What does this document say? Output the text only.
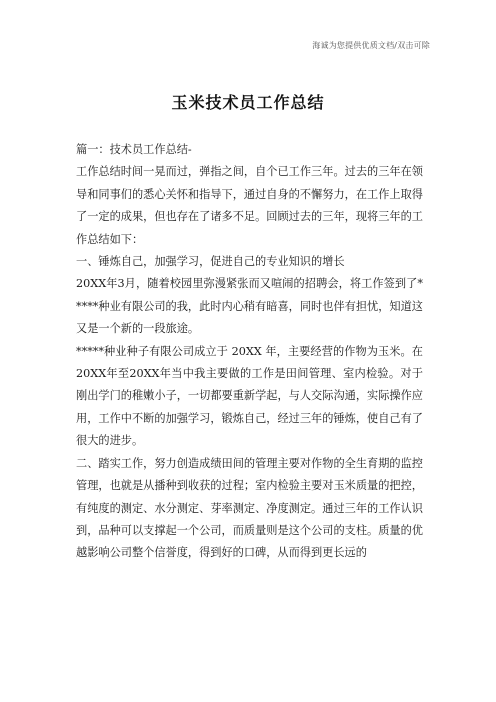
海诚为您提供优质文档/双击可除
玉米技术员工作总结

篇一：技术员工作总结-

工作总结时间一晃而过，弹指之间，自个已工作三年。过去的三年在领导和同事们的悉心关怀和指导下，通过自身的不懈努力，在工作上取得了一定的成果，但也存在了诸多不足。回顾过去的三年，现将三年的工作总结如下：

一、锤炼自己，加强学习，促进自己的专业知识的增长

20XX年3月，随着校园里弥漫紧张而又喧闹的招聘会，将工作签到了*****种业有限公司的我，此时内心稍有暗喜，同时也伴有担忧，知道这又是一个新的一段旅途。

*****种业种子有限公司成立于 20XX 年，主要经营的作物为玉米。在20XX年至20XX年当中我主要做的工作是田间管理、室内检验。对于刚出学门的稚嫩小子，一切都要重新学起，与人交际沟通，实际操作应用，工作中不断的加强学习，锻炼自己，经过三年的锤炼，使自己有了很大的进步。

二、踏实工作，努力创造成绩田间的管理主要对作物的全生育期的监控管理，也就是从播种到收获的过程；室内检验主要对玉米质量的把控，有纯度的测定、水分测定、芽率测定、净度测定。通过三年的工作认识到，品种可以支撑起一个公司，而质量则是这个公司的支柱。质量的优越影响公司整个信誉度，得到好的口碑，从而得到更长远的
